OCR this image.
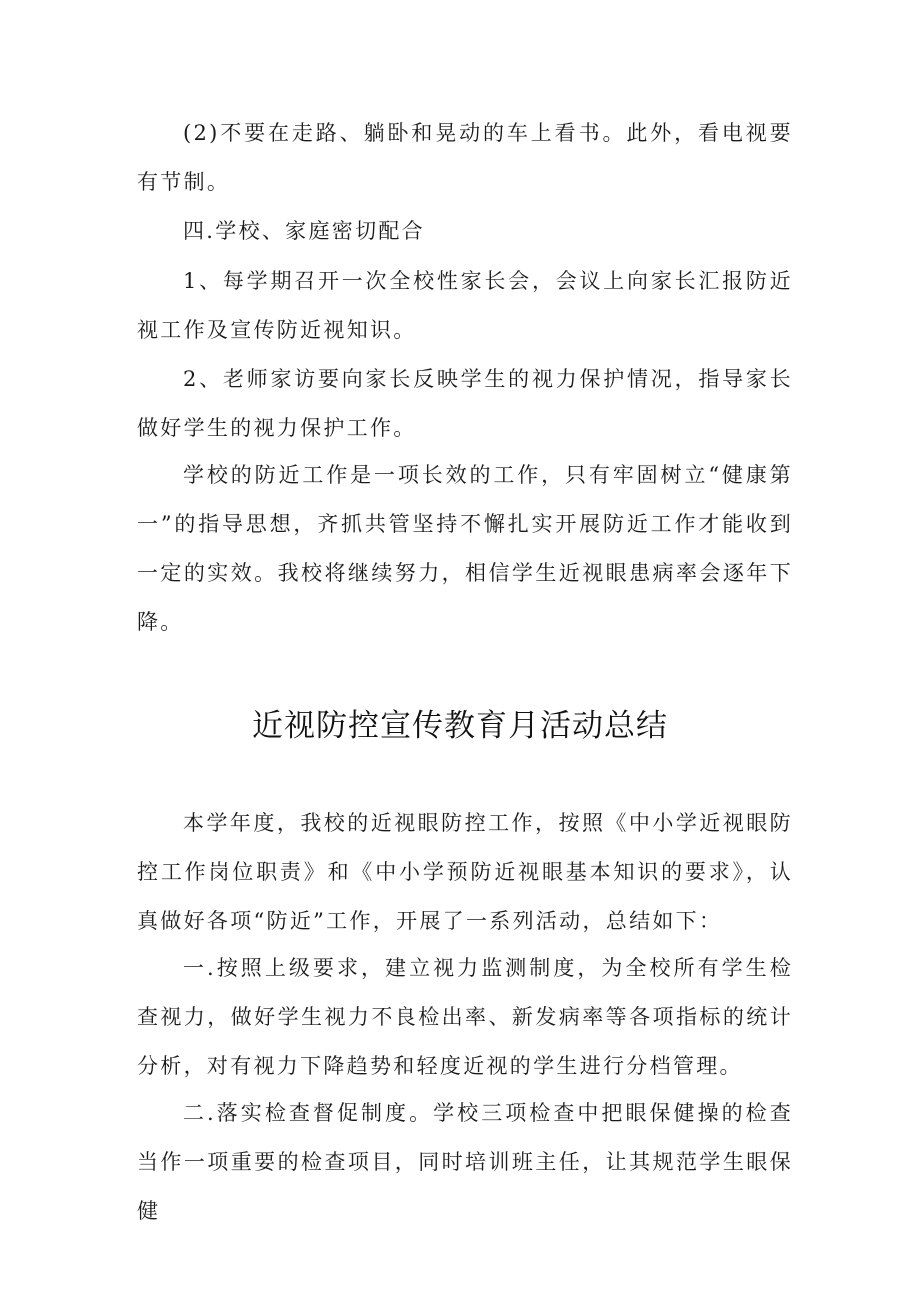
(2)不要在走路、躺卧和晃动的车上看书。此外，看电视要有节制。

四.学校、家庭密切配合

1、每学期召开一次全校性家长会，会议上向家长汇报防近视工作及宣传防近视知识。

2、老师家访要向家长反映学生的视力保护情况，指导家长做好学生的视力保护工作。

学校的防近工作是一项长效的工作，只有牢固树立“健康第一”的指导思想，齐抓共管坚持不懈扎实开展防近工作才能收到一定的实效。我校将继续努力，相信学生近视眼患病率会逐年下降。

近视防控宣传教育月活动总结

本学年度，我校的近视眼防控工作，按照《中小学近视眼防控工作岗位职责》和《中小学预防近视眼基本知识的要求》，认真做好各项“防近”工作，开展了一系列活动，总结如下：

一.按照上级要求，建立视力监测制度，为全校所有学生检查视力，做好学生视力不良检出率、新发病率等各项指标的统计分析，对有视力下降趋势和轻度近视的学生进行分档管理。

二.落实检查督促制度。学校三项检查中把眼保健操的检查当作一项重要的检查项目，同时培训班主任，让其规范学生眼保健
